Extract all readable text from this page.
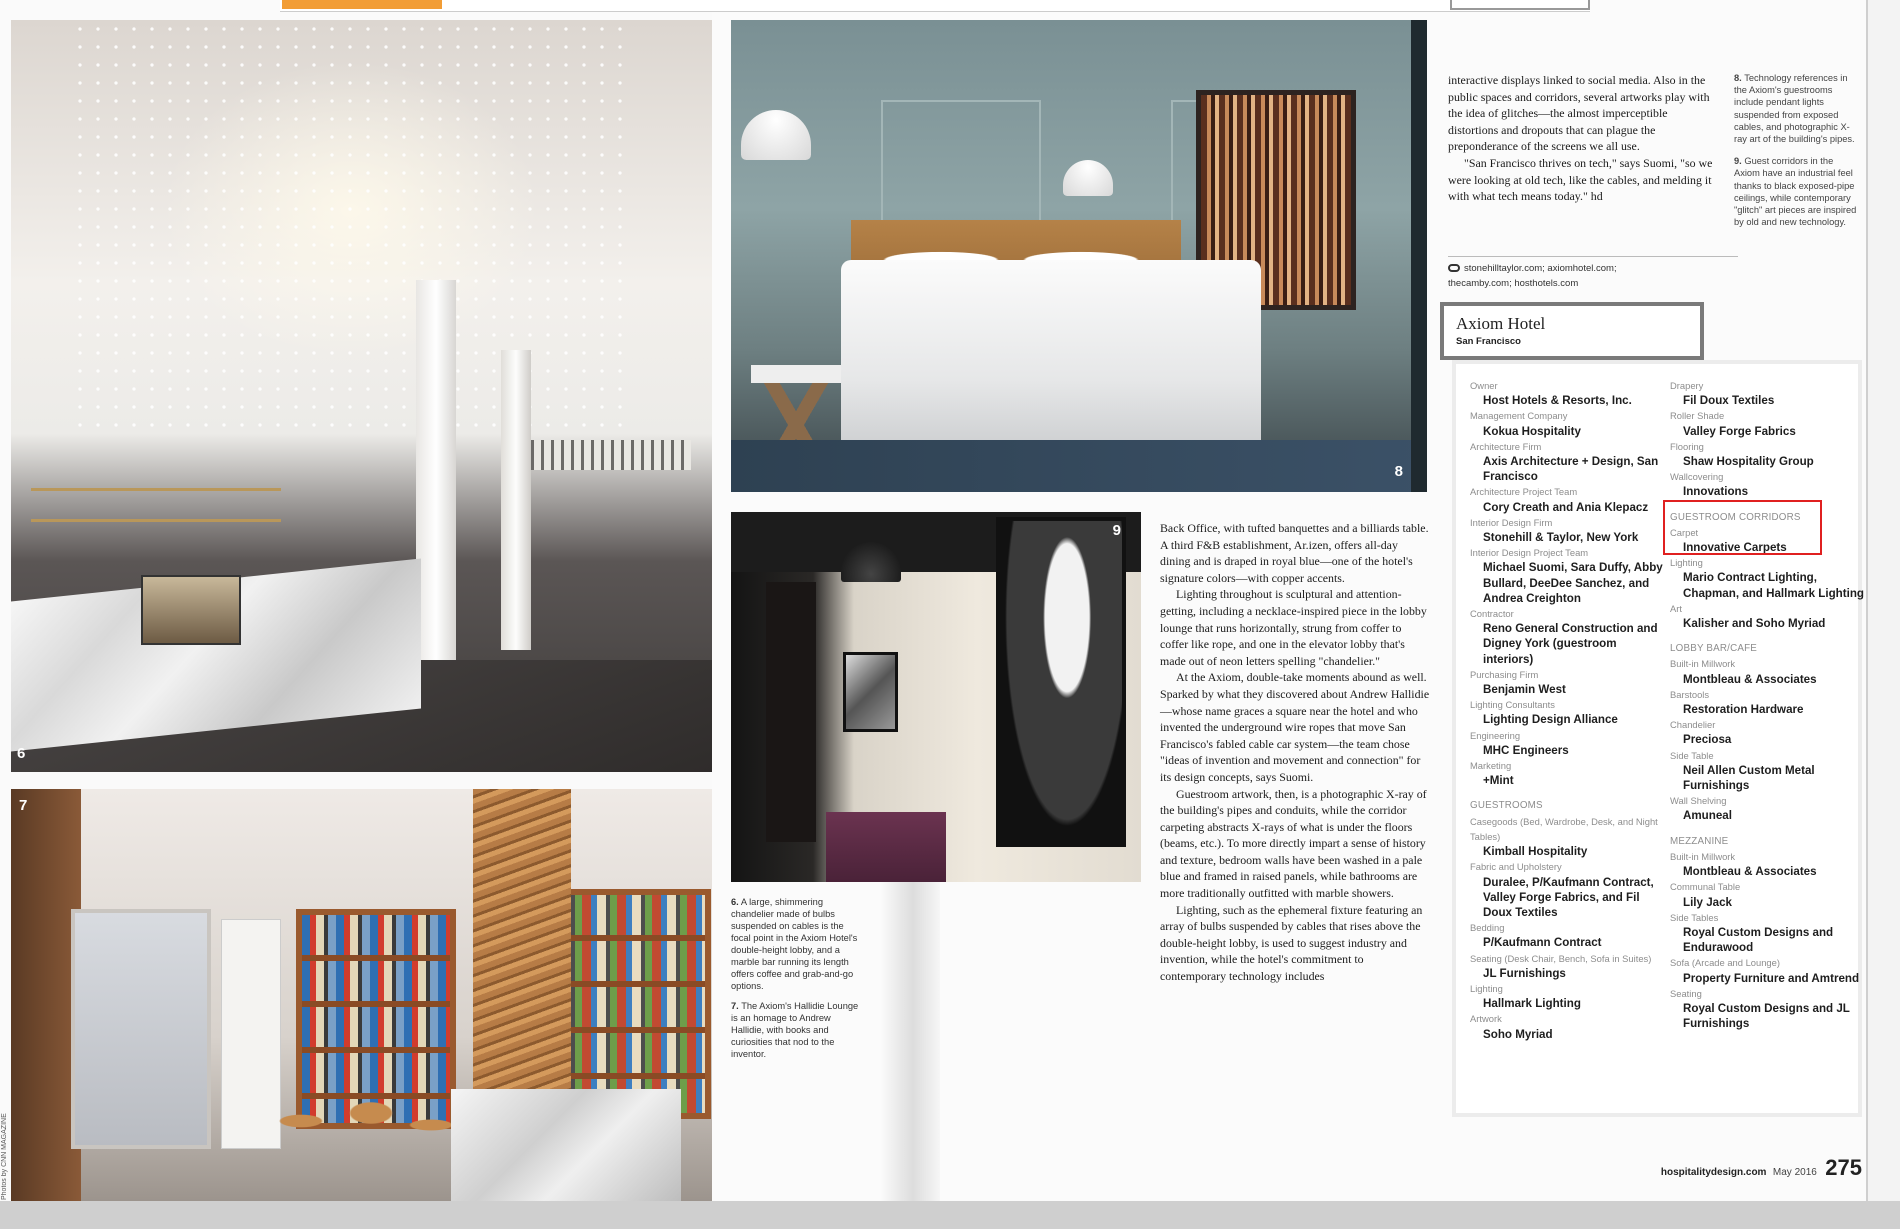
6
7
Photos by CNN MAGAZINE
8
9

6. A large, shimmering chandelier made of bulbs suspended on cables is the focal point in the Axiom Hotel's double-height lobby, and a marble bar running its length offers coffee and grab-and-go options.

7. The Axiom's Hallidie Lounge is an homage to Andrew Hallidie, with books and curiosities that nod to the inventor.

Back Office, with tufted banquettes and a billiards table. A third F&B establishment, Ar.izen, offers all-day dining and is draped in royal blue—one of the hotel's signature colors—with copper accents.

Lighting throughout is sculptural and attention-getting, including a necklace-inspired piece in the lobby lounge that runs horizontally, strung from coffer to coffer like rope, and one in the elevator lobby that's made out of neon letters spelling "chandelier."

At the Axiom, double-take moments abound as well. Sparked by what they discovered about Andrew Hallidie—whose name graces a square near the hotel and who invented the underground wire ropes that move San Francisco's fabled cable car system—the team chose "ideas of invention and movement and connection" for its design concepts, says Suomi.

Guestroom artwork, then, is a photographic X-ray of the building's pipes and conduits, while the corridor carpeting abstracts X-rays of what is under the floors (beams, etc.). To more directly impart a sense of history and texture, bedroom walls have been washed in a pale blue and framed in raised panels, while bathrooms are more traditionally outfitted with marble showers.

Lighting, such as the ephemeral fixture featuring an array of bulbs suspended by cables that rises above the double-height lobby, is used to suggest industry and invention, while the hotel's commitment to contemporary technology includes

interactive displays linked to social media. Also in the public spaces and corridors, several artworks play with the idea of glitches—the almost imperceptible distortions and dropouts that can plague the preponderance of the screens we all use.

"San Francisco thrives on tech," says Suomi, "so we were looking at old tech, like the cables, and melding it with what tech means today." hd

stonehilltaylor.com; axiomhotel.com;
thecamby.com; hosthotels.com

8. Technology references in the Axiom's guestrooms include pendant lights suspended from exposed cables, and photographic X-ray art of the building's pipes.

9. Guest corridors in the Axiom have an industrial feel thanks to black exposed-pipe ceilings, while contemporary "glitch" art pieces are inspired by old and new technology.

Axiom Hotel
San Francisco
Owner
Host Hotels & Resorts, Inc.
Management Company
Kokua Hospitality
Architecture Firm
Axis Architecture + Design, San Francisco
Architecture Project Team
Cory Creath and Ania Klepacz
Interior Design Firm
Stonehill & Taylor, New York
Interior Design Project Team
Michael Suomi, Sara Duffy, Abby Bullard, DeeDee Sanchez, and Andrea Creighton
Contractor
Reno General Construction and Digney York (guestroom interiors)
Purchasing Firm
Benjamin West
Lighting Consultants
Lighting Design Alliance
Engineering
MHC Engineers
Marketing
+Mint
GUESTROOMS
Casegoods (Bed, Wardrobe, Desk, and Night Tables)
Kimball Hospitality
Fabric and Upholstery
Duralee, P/Kaufmann Contract, Valley Forge Fabrics, and Fil Doux Textiles
Bedding
P/Kaufmann Contract
Seating (Desk Chair, Bench, Sofa in Suites)
JL Furnishings
Lighting
Hallmark Lighting
Artwork
Soho Myriad
Drapery
Fil Doux Textiles
Roller Shade
Valley Forge Fabrics
Flooring
Shaw Hospitality Group
Wallcovering
Innovations
GUESTROOM CORRIDORS
Carpet
Innovative Carpets
Lighting
Mario Contract Lighting, Chapman, and Hallmark Lighting
Art
Kalisher and Soho Myriad
LOBBY BAR/CAFE
Built-in Millwork
Montbleau & Associates
Barstools
Restoration Hardware
Chandelier
Preciosa
Side Table
Neil Allen Custom Metal Furnishings
Wall Shelving
Amuneal
MEZZANINE
Built-in Millwork
Montbleau & Associates
Communal Table
Lily Jack
Side Tables
Royal Custom Designs and Endurawood
Sofa (Arcade and Lounge)
Property Furniture and Amtrend
Seating
Royal Custom Designs and JL Furnishings
hospitalitydesign.com May 2016 275
